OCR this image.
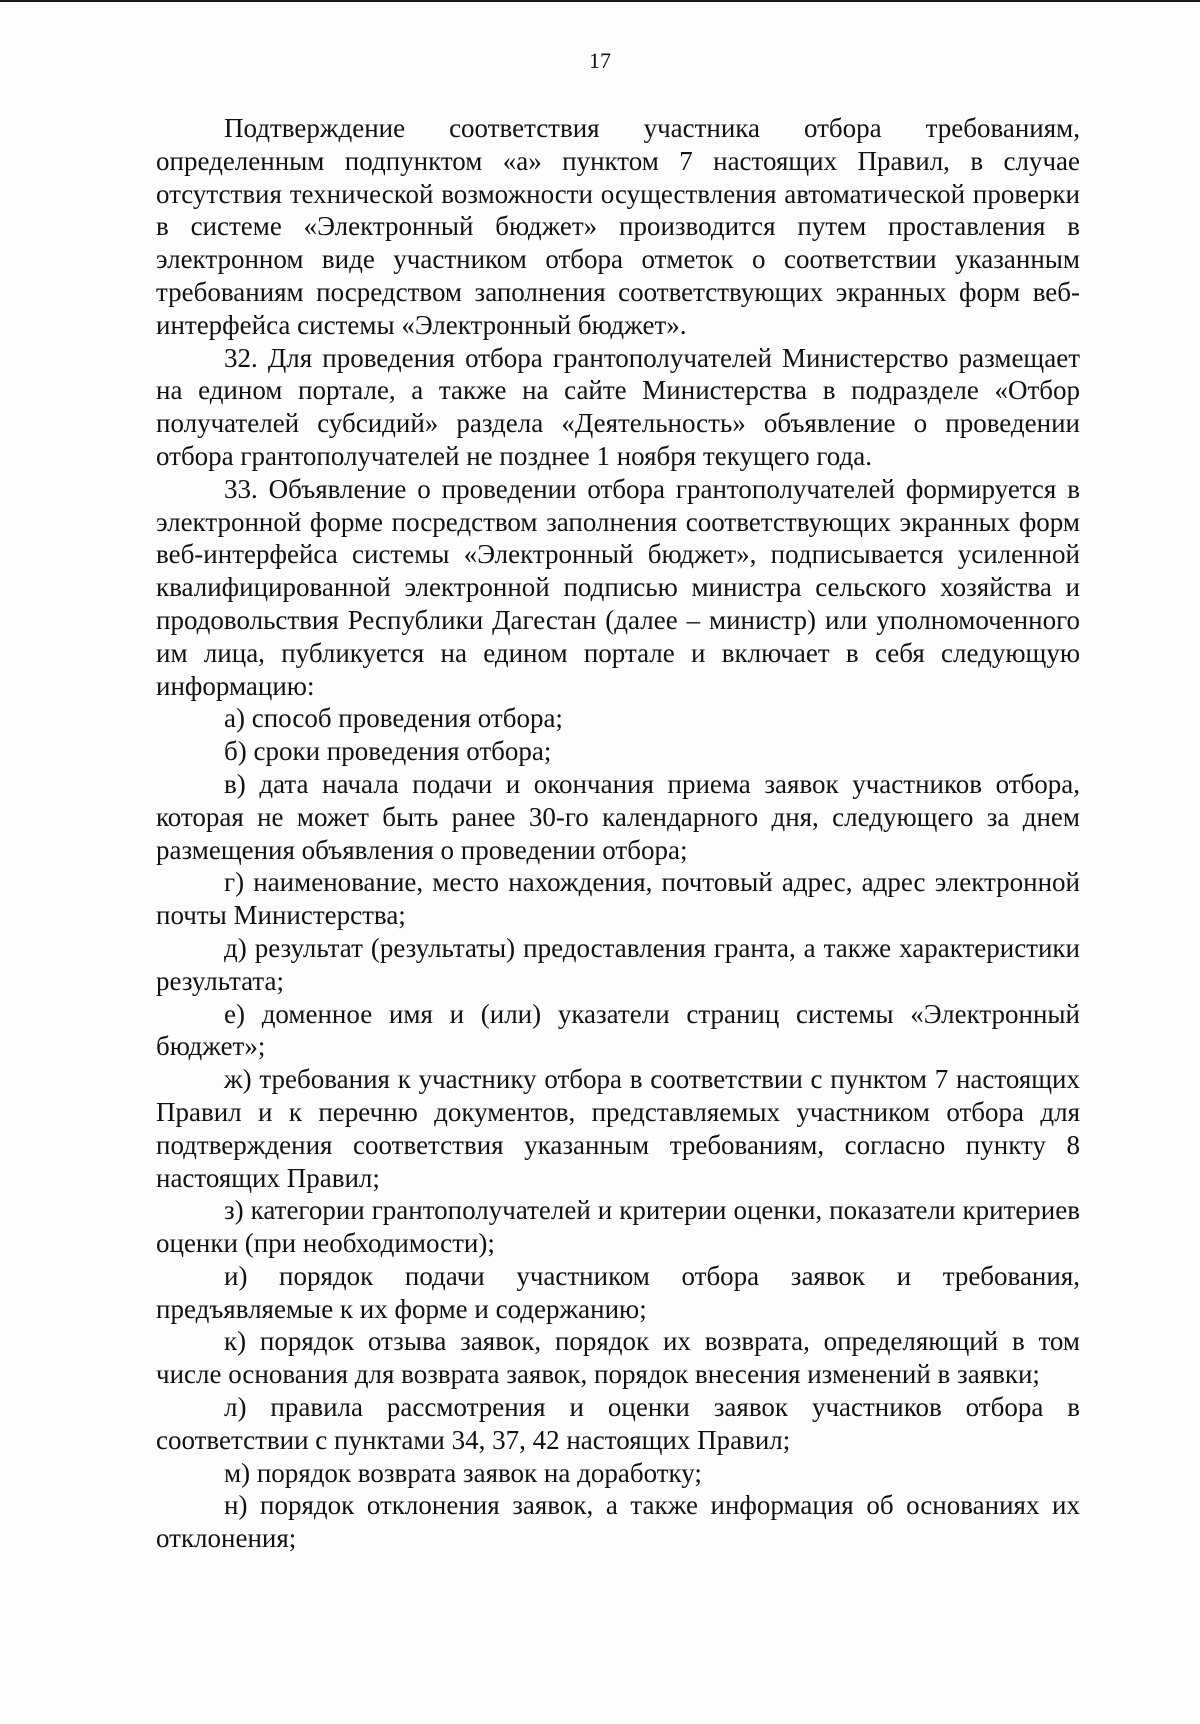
17

Подтверждение соответствия участника отбора требованиям, определенным подпунктом «а» пунктом 7 настоящих Правил, в случае отсутствия технической возможности осуществления автоматической проверки в системе «Электронный бюджет» производится путем проставления в электронном виде участником отбора отметок о соответствии указанным требованиям посредством заполнения соответствующих экранных форм веб-интерфейса системы «Электронный бюджет».

32. Для проведения отбора грантополучателей Министерство размещает на едином портале, а также на сайте Министерства в подразделе «Отбор получателей субсидий» раздела «Деятельность» объявление о проведении отбора грантополучателей не позднее 1 ноября текущего года.

33. Объявление о проведении отбора грантополучателей формируется в электронной форме посредством заполнения соответствующих экранных форм веб-интерфейса системы «Электронный бюджет», подписывается усиленной квалифицированной электронной подписью министра сельского хозяйства и продовольствия Республики Дагестан (далее – министр) или уполномоченного им лица, публикуется на едином портале и включает в себя следующую информацию:

а) способ проведения отбора;

б) сроки проведения отбора;

в) дата начала подачи и окончания приема заявок участников отбора, которая не может быть ранее 30-го календарного дня, следующего за днем размещения объявления о проведении отбора;

г) наименование, место нахождения, почтовый адрес, адрес электронной почты Министерства;

д) результат (результаты) предоставления гранта, а также характеристики результата;

е) доменное имя и (или) указатели страниц системы «Электронный бюджет»;

ж) требования к участнику отбора в соответствии с пунктом 7 настоящих Правил и к перечню документов, представляемых участником отбора для подтверждения соответствия указанным требованиям, согласно пункту 8 настоящих Правил;

з) категории грантополучателей и критерии оценки, показатели критериев оценки (при необходимости);

и) порядок подачи участником отбора заявок и требования, предъявляемые к их форме и содержанию;

к) порядок отзыва заявок, порядок их возврата, определяющий в том числе основания для возврата заявок, порядок внесения изменений в заявки;

л) правила рассмотрения и оценки заявок участников отбора в соответствии с пунктами 34, 37, 42 настоящих Правил;

м) порядок возврата заявок на доработку;

н) порядок отклонения заявок, а также информация об основаниях их отклонения;
